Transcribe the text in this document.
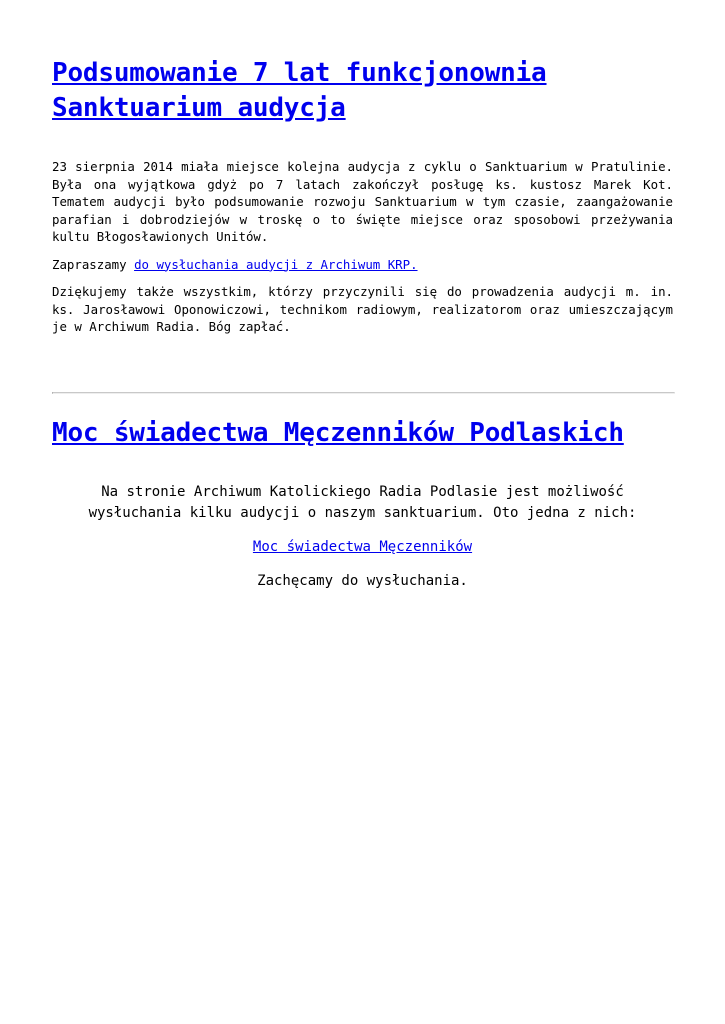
Podsumowanie 7 lat funkcjonownia Sanktuarium audycja

23 sierpnia 2014 miała miejsce kolejna audycja z cyklu o Sanktuarium w Pratulinie. Była ona wyjątkowa gdyż po 7 latach zakończył posługę ks. kustosz Marek Kot. Tematem audycji było podsumowanie rozwoju Sanktuarium w tym czasie, zaangażowanie parafian i dobrodziejów w troskę o to święte miejsce oraz sposobowi przeżywania kultu Błogosławionych Unitów.

Zapraszamy do wysłuchania audycji z Archiwum KRP.

Dziękujemy także wszystkim, którzy przyczynili się do prowadzenia audycji m. in. ks. Jarosławowi Oponowiczowi, technikom radiowym, realizatorom oraz umieszczającym je w Archiwum Radia. Bóg zapłać.

Moc świadectwa Męczenników Podlaskich

Na stronie Archiwum Katolickiego Radia Podlasie jest możliwość wysłuchania kilku audycji o naszym sanktuarium. Oto jedna z nich:

Moc świadectwa Męczenników

Zachęcamy do wysłuchania.
